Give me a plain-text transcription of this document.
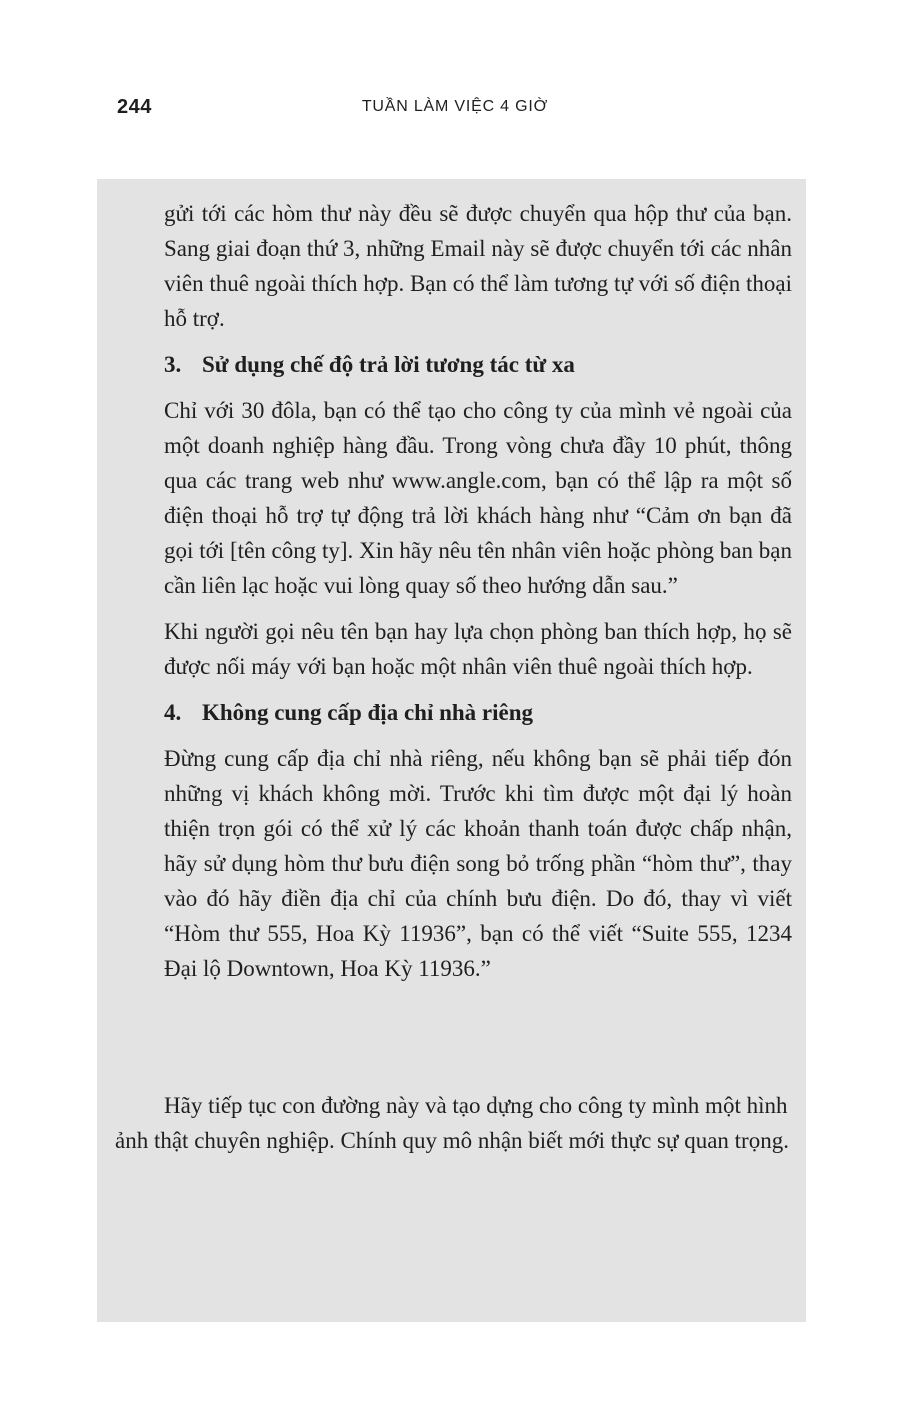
244	TUẦN LÀM VIỆC 4 GIỜ

gửi tới các hòm thư này đều sẽ được chuyển qua hộp thư của bạn. Sang giai đoạn thứ 3, những Email này sẽ được chuyển tới các nhân viên thuê ngoài thích hợp. Bạn có thể làm tương tự với số điện thoại hỗ trợ.

3. Sử dụng chế độ trả lời tương tác từ xa

Chỉ với 30 đôla, bạn có thể tạo cho công ty của mình vẻ ngoài của một doanh nghiệp hàng đầu. Trong vòng chưa đầy 10 phút, thông qua các trang web như www.angle.com, bạn có thể lập ra một số điện thoại hỗ trợ tự động trả lời khách hàng như “Cảm ơn bạn đã gọi tới [tên công ty]. Xin hãy nêu tên nhân viên hoặc phòng ban bạn cần liên lạc hoặc vui lòng quay số theo hướng dẫn sau.”

Khi người gọi nêu tên bạn hay lựa chọn phòng ban thích hợp, họ sẽ được nối máy với bạn hoặc một nhân viên thuê ngoài thích hợp.

4. Không cung cấp địa chỉ nhà riêng

Đừng cung cấp địa chỉ nhà riêng, nếu không bạn sẽ phải tiếp đón những vị khách không mời. Trước khi tìm được một đại lý hoàn thiện trọn gói có thể xử lý các khoản thanh toán được chấp nhận, hãy sử dụng hòm thư bưu điện song bỏ trống phần “hòm thư”, thay vào đó hãy điền địa chỉ của chính bưu điện. Do đó, thay vì viết “Hòm thư 555, Hoa Kỳ 11936”, bạn có thể viết “Suite 555, 1234 Đại lộ Downtown, Hoa Kỳ 11936.”

Hãy tiếp tục con đường này và tạo dựng cho công ty mình một hình ảnh thật chuyên nghiệp. Chính quy mô nhận biết mới thực sự quan trọng.
